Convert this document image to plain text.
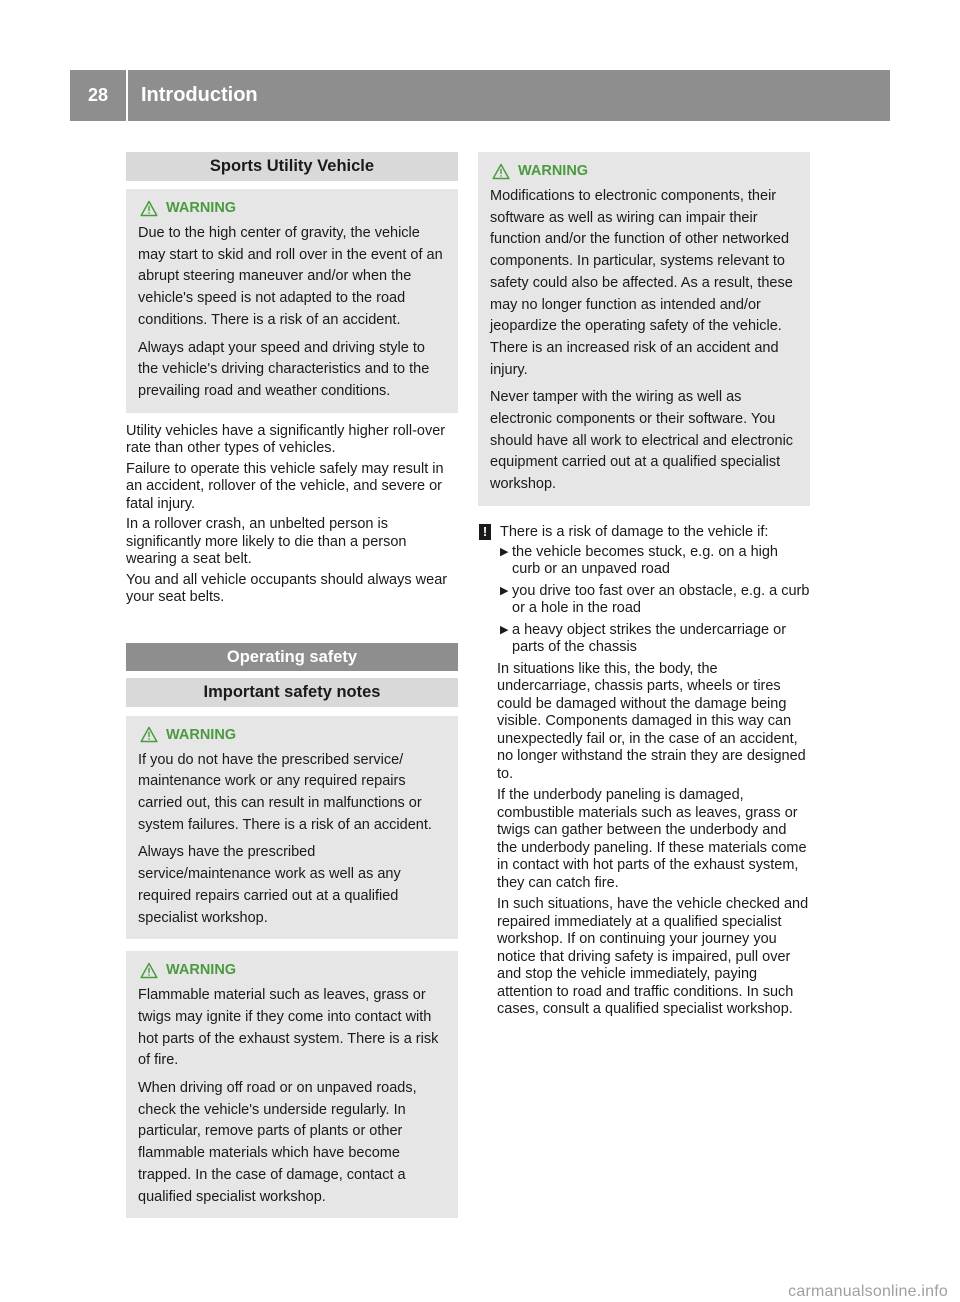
28	Introduction
Sports Utility Vehicle
WARNING

Due to the high center of gravity, the vehicle may start to skid and roll over in the event of an abrupt steering maneuver and/or when the vehicle's speed is not adapted to the road conditions. There is a risk of an accident.

Always adapt your speed and driving style to the vehicle's driving characteristics and to the prevailing road and weather conditions.

Utility vehicles have a significantly higher roll-over rate than other types of vehicles.

Failure to operate this vehicle safely may result in an accident, rollover of the vehicle, and severe or fatal injury.

In a rollover crash, an unbelted person is significantly more likely to die than a person wearing a seat belt.

You and all vehicle occupants should always wear your seat belts.

Operating safety
Important safety notes
WARNING

If you do not have the prescribed service/ maintenance work or any required repairs carried out, this can result in malfunctions or system failures. There is a risk of an accident.

Always have the prescribed service/maintenance work as well as any required repairs carried out at a qualified specialist workshop.

WARNING

Flammable material such as leaves, grass or twigs may ignite if they come into contact with hot parts of the exhaust system. There is a risk of fire.

When driving off road or on unpaved roads, check the vehicle's underside regularly. In particular, remove parts of plants or other flammable materials which have become trapped. In the case of damage, contact a qualified specialist workshop.

WARNING

Modifications to electronic components, their software as well as wiring can impair their function and/or the function of other networked components. In particular, systems relevant to safety could also be affected. As a result, these may no longer function as intended and/or jeopardize the operating safety of the vehicle. There is an increased risk of an accident and injury.

Never tamper with the wiring as well as electronic components or their software. You should have all work to electrical and electronic equipment carried out at a qualified specialist workshop.

! There is a risk of damage to the vehicle if:
▶ the vehicle becomes stuck, e.g. on a high curb or an unpaved road
▶ you drive too fast over an obstacle, e.g. a curb or a hole in the road
▶ a heavy object strikes the undercarriage or parts of the chassis

In situations like this, the body, the undercarriage, chassis parts, wheels or tires could be damaged without the damage being visible. Components damaged in this way can unexpectedly fail or, in the case of an accident, no longer withstand the strain they are designed to.

If the underbody paneling is damaged, combustible materials such as leaves, grass or twigs can gather between the underbody and the underbody paneling. If these materials come in contact with hot parts of the exhaust system, they can catch fire.

In such situations, have the vehicle checked and repaired immediately at a qualified specialist workshop. If on continuing your journey you notice that driving safety is impaired, pull over and stop the vehicle immediately, paying attention to road and traffic conditions. In such cases, consult a qualified specialist workshop.

carmanualsonline.info
